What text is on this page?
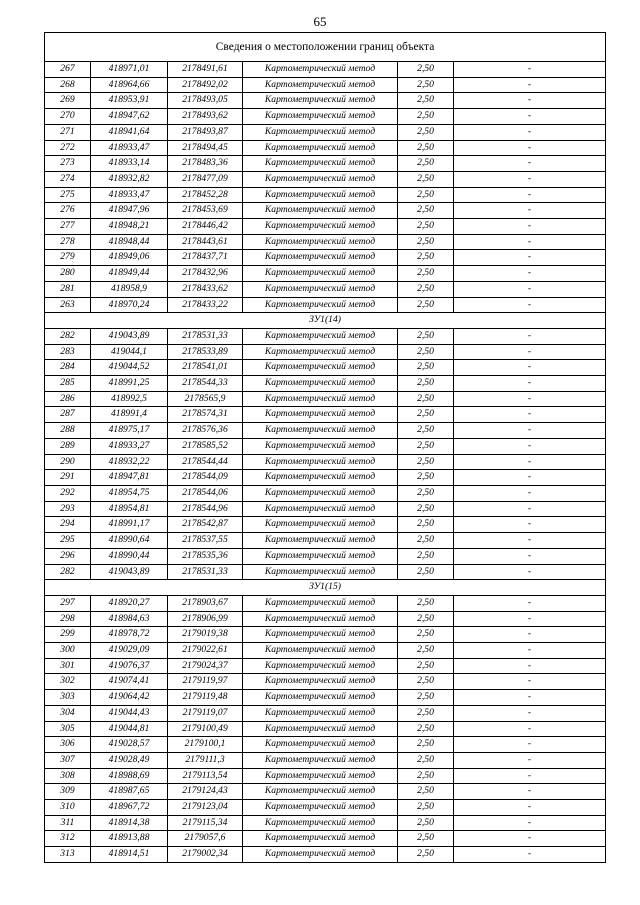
65
Сведения о местоположении границ объекта					
267	418971,01	2178491,61	Картометрический метод	2,50	-
268	418964,66	2178492,02	Картометрический метод	2,50	-
269	418953,91	2178493,05	Картометрический метод	2,50	-
270	418947,62	2178493,62	Картометрический метод	2,50	-
271	418941,64	2178493,87	Картометрический метод	2,50	-
272	418933,47	2178494,45	Картометрический метод	2,50	-
273	418933,14	2178483,36	Картометрический метод	2,50	-
274	418932,82	2178477,09	Картометрический метод	2,50	-
275	418933,47	2178452,28	Картометрический метод	2,50	-
276	418947,96	2178453,69	Картометрический метод	2,50	-
277	418948,21	2178446,42	Картометрический метод	2,50	-
278	418948,44	2178443,61	Картометрический метод	2,50	-
279	418949,06	2178437,71	Картометрический метод	2,50	-
280	418949,44	2178432,96	Картометрический метод	2,50	-
281	418958,9	2178433,62	Картометрический метод	2,50	-
263	418970,24	2178433,22	Картометрический метод	2,50	-
ЗУ1(14)					
282	419043,89	2178531,33	Картометрический метод	2,50	-
283	419044,1	2178533,89	Картометрический метод	2,50	-
284	419044,52	2178541,01	Картометрический метод	2,50	-
285	418991,25	2178544,33	Картометрический метод	2,50	-
286	418992,5	2178565,9	Картометрический метод	2,50	-
287	418991,4	2178574,31	Картометрический метод	2,50	-
288	418975,17	2178576,36	Картометрический метод	2,50	-
289	418933,27	2178585,52	Картометрический метод	2,50	-
290	418932,22	2178544,44	Картометрический метод	2,50	-
291	418947,81	2178544,09	Картометрический метод	2,50	-
292	418954,75	2178544,06	Картометрический метод	2,50	-
293	418954,81	2178544,96	Картометрический метод	2,50	-
294	418991,17	2178542,87	Картометрический метод	2,50	-
295	418990,64	2178537,55	Картометрический метод	2,50	-
296	418990,44	2178535,36	Картометрический метод	2,50	-
282	419043,89	2178531,33	Картометрический метод	2,50	-
ЗУ1(15)					
297	418920,27	2178903,67	Картометрический метод	2,50	-
298	418984,63	2178906,99	Картометрический метод	2,50	-
299	418978,72	2179019,38	Картометрический метод	2,50	-
300	419029,09	2179022,61	Картометрический метод	2,50	-
301	419076,37	2179024,37	Картометрический метод	2,50	-
302	419074,41	2179119,97	Картометрический метод	2,50	-
303	419064,42	2179119,48	Картометрический метод	2,50	-
304	419044,43	2179119,07	Картометрический метод	2,50	-
305	419044,81	2179100,49	Картометрический метод	2,50	-
306	419028,57	2179100,1	Картометрический метод	2,50	-
307	419028,49	2179111,3	Картометрический метод	2,50	-
308	418988,69	2179113,54	Картометрический метод	2,50	-
309	418987,65	2179124,43	Картометрический метод	2,50	-
310	418967,72	2179123,04	Картометрический метод	2,50	-
311	418914,38	2179115,34	Картометрический метод	2,50	-
312	418913,88	2179057,6	Картометрический метод	2,50	-
313	418914,51	2179002,34	Картометрический метод	2,50	-
